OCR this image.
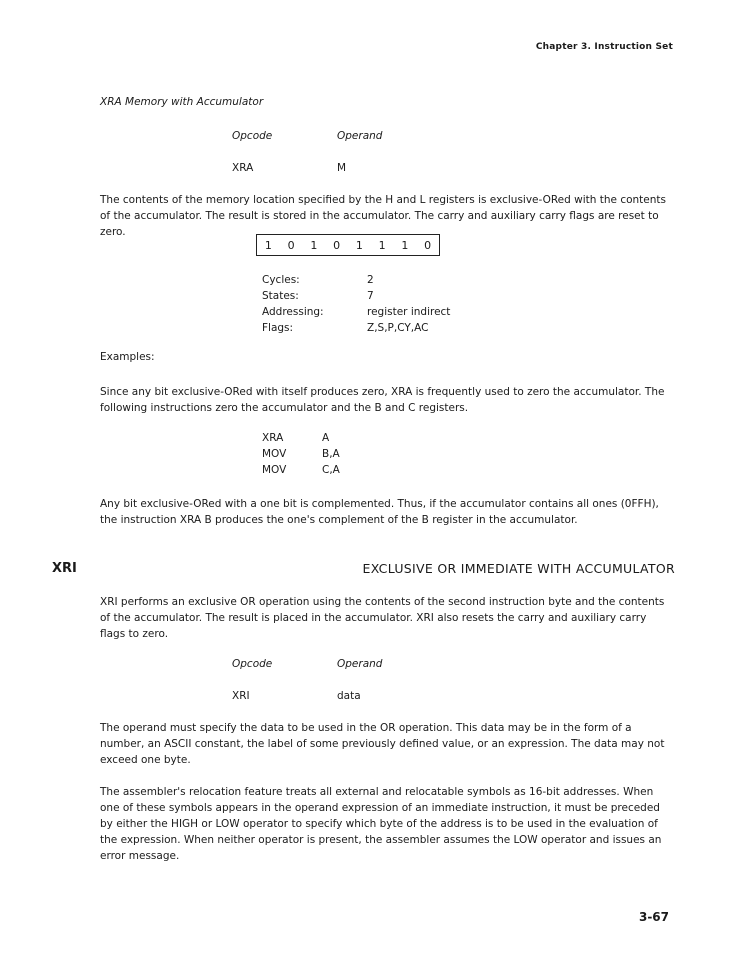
Chapter 3. Instruction Set
XRA Memory with Accumulator
Opcode	Operand
XRA	M
The contents of the memory location specified by the H and L registers is exclusive-ORed with the contents of the accumulator. The result is stored in the accumulator. The carry and auxiliary carry flags are reset to zero.
1	0	1	0	1	1	1	0
Cycles:	2
States:	7
Addressing:	register indirect
Flags:	Z,S,P,CY,AC
Examples:
Since any bit exclusive-ORed with itself produces zero, XRA is frequently used to zero the accumulator. The following instructions zero the accumulator and the B and C registers.
XRA	A
MOV	B,A
MOV	C,A
Any bit exclusive-ORed with a one bit is complemented. Thus, if the accumulator contains all ones (0FFH), the instruction XRA B produces the one's complement of the B register in the accumulator.
XRI	EXCLUSIVE OR IMMEDIATE WITH ACCUMULATOR
XRI performs an exclusive OR operation using the contents of the second instruction byte and the contents of the accumulator. The result is placed in the accumulator. XRI also resets the carry and auxiliary carry flags to zero.
Opcode	Operand
XRI	data
The operand must specify the data to be used in the OR operation. This data may be in the form of a number, an ASCII constant, the label of some previously defined value, or an expression. The data may not exceed one byte.
The assembler's relocation feature treats all external and relocatable symbols as 16-bit addresses. When one of these symbols appears in the operand expression of an immediate instruction, it must be preceded by either the HIGH or LOW operator to specify which byte of the address is to be used in the evaluation of the expression. When neither operator is present, the assembler assumes the LOW operator and issues an error message.
3-67
